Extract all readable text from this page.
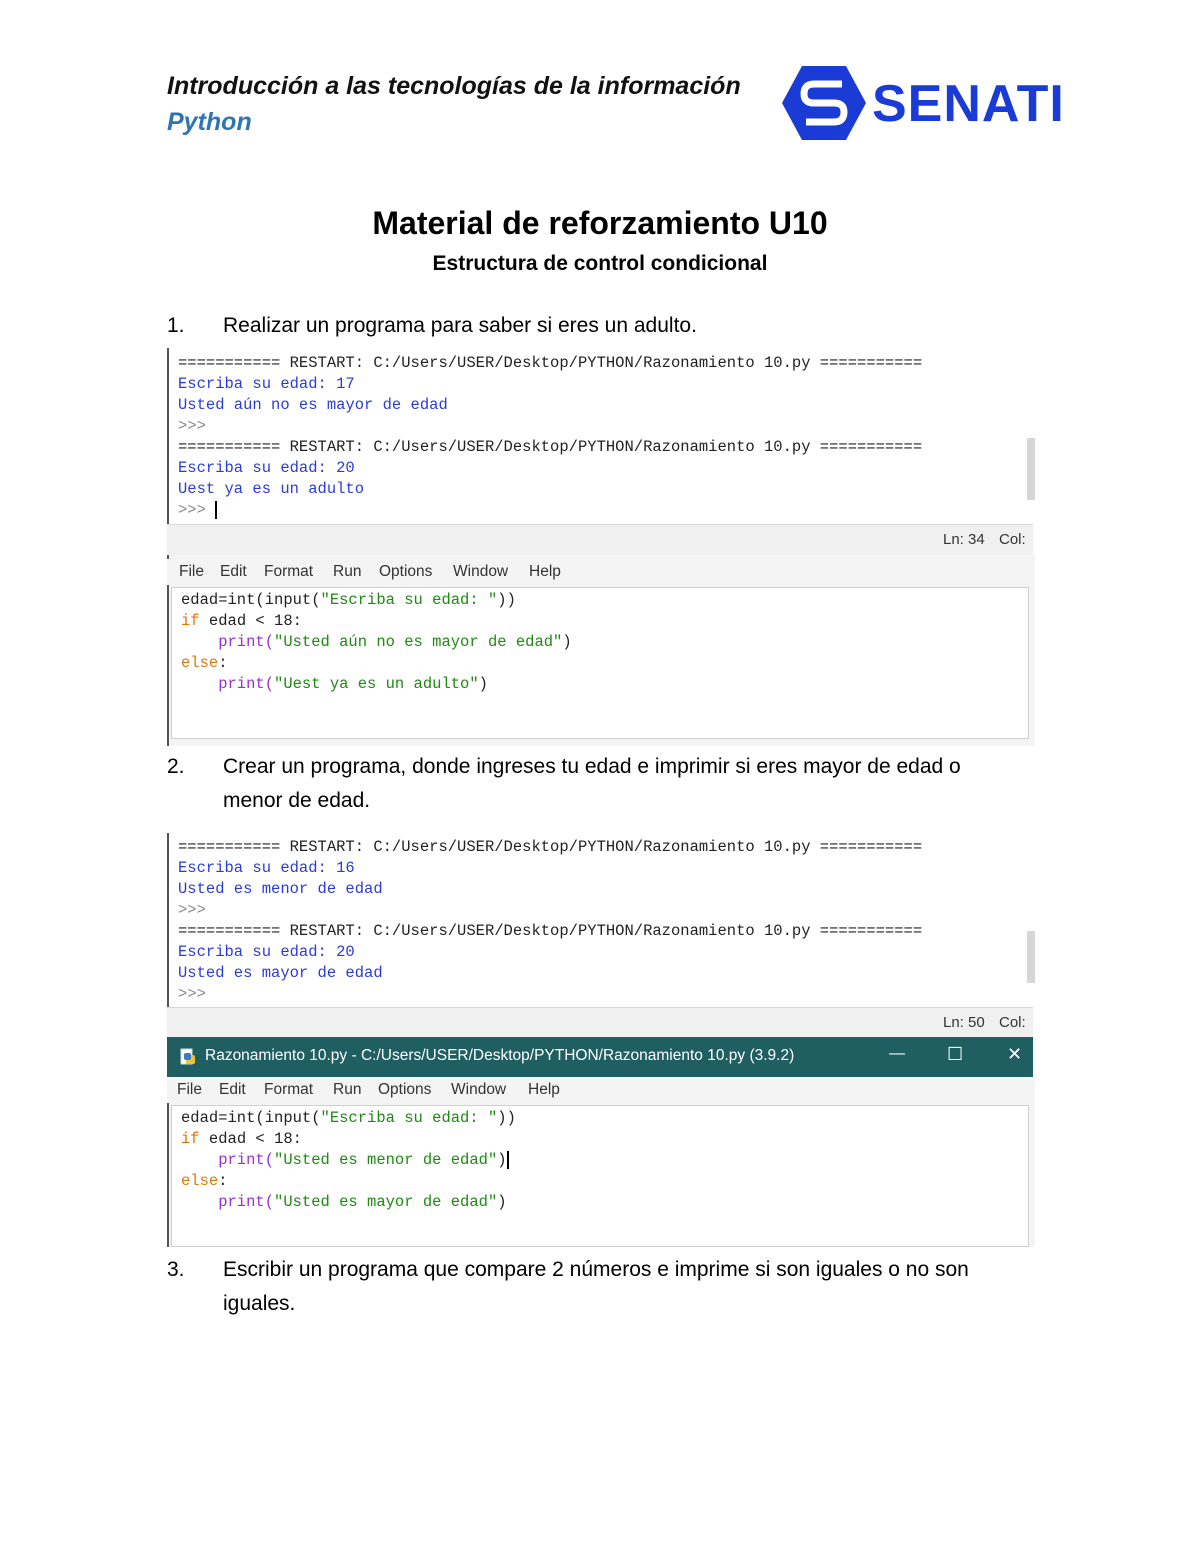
Introducción a las tecnologías de la información
Python	SENATI
Material de reforzamiento U10
Estructura de control condicional
1. Realizar un programa para saber si eres un adulto.
=========== RESTART: C:/Users/USER/Desktop/PYTHON/Razonamiento 10.py ===========
Escriba su edad: 17
Usted aún no es mayor de edad
>>>
=========== RESTART: C:/Users/USER/Desktop/PYTHON/Razonamiento 10.py ===========
Escriba su edad: 20
Uest ya es un adulto
>>>
Ln: 34 Col:
File Edit Format Run Options Window Help
edad=int(input("Escriba su edad: "))
if edad < 18:
print("Usted aún no es mayor de edad")
else:
print("Uest ya es un adulto")
2. Crear un programa, donde ingreses tu edad e imprimir si eres mayor de edad o menor de edad.
=========== RESTART: C:/Users/USER/Desktop/PYTHON/Razonamiento 10.py ===========
Escriba su edad: 16
Usted es menor de edad
>>>
=========== RESTART: C:/Users/USER/Desktop/PYTHON/Razonamiento 10.py ===========
Escriba su edad: 20
Usted es mayor de edad
>>>
Ln: 50 Col:
Razonamiento 10.py - C:/Users/USER/Desktop/PYTHON/Razonamiento 10.py (3.9.2)	— ☐ ✕
File Edit Format Run Options Window Help
edad=int(input("Escriba su edad: "))
if edad < 18:
print("Usted es menor de edad")
else:
print("Usted es mayor de edad")
3. Escribir un programa que compare 2 números e imprime si son iguales o no son iguales.
